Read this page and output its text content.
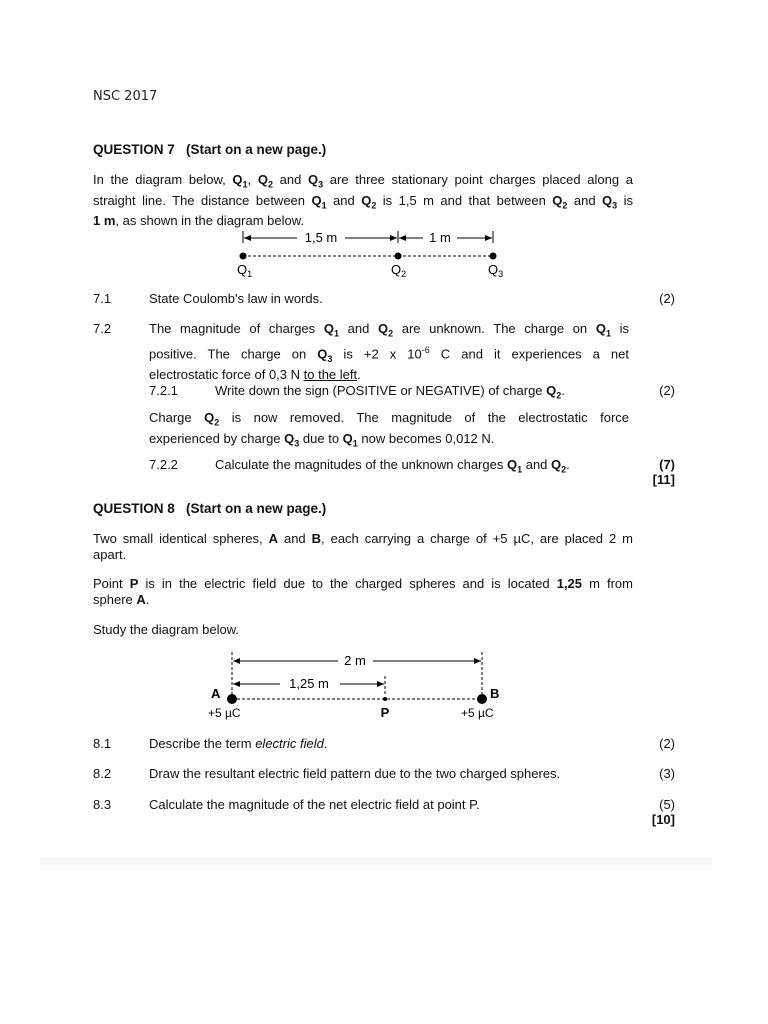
NSC 2017
QUESTION 7 (Start on a new page.)
In the diagram below, $Q_1$, $Q_2$ and $Q_3$ are three stationary point charges placed along a
straight line. The distance between $Q_1$ and $Q_2$ is 1,5 m and that between $Q_2$ and $Q_3$ is
1 m, as shown in the diagram below.
1,5 m	1 m
$Q_1$	$Q_2$	$Q_3$
7.1	State Coulomb's law in words.	(2)
7.2	The magnitude of charges $Q_1$ and $Q_2$ are unknown. The charge on $Q_1$ is
positive. The charge on $Q_3$ is +2 x $10^{-6}$ C and it experiences a net
electrostatic force of 0,3 N to the left.
7.2.1	Write down the sign (POSITIVE or NEGATIVE) of charge $Q_2$.	(2)
Charge $Q_2$ is now removed. The magnitude of the electrostatic force
experienced by charge $Q_3$ due to $Q_1$ now becomes 0,012 N.
7.2.2	Calculate the magnitudes of the unknown charges $Q_1$ and $Q_2$.	(7)
[11]
QUESTION 8 (Start on a new page.)
Two small identical spheres, A and B, each carrying a charge of +5 µC, are placed 2 m
apart.
Point P is in the electric field due to the charged spheres and is located 1,25 m from
sphere A.
Study the diagram below.
2 m
1,25 m
A	B
P
+5 µC	+5 µC
8.1	Describe the term electric field.	(2)
8.2	Draw the resultant electric field pattern due to the two charged spheres.	(3)
8.3	Calculate the magnitude of the net electric field at point P.	(5)
[10]
